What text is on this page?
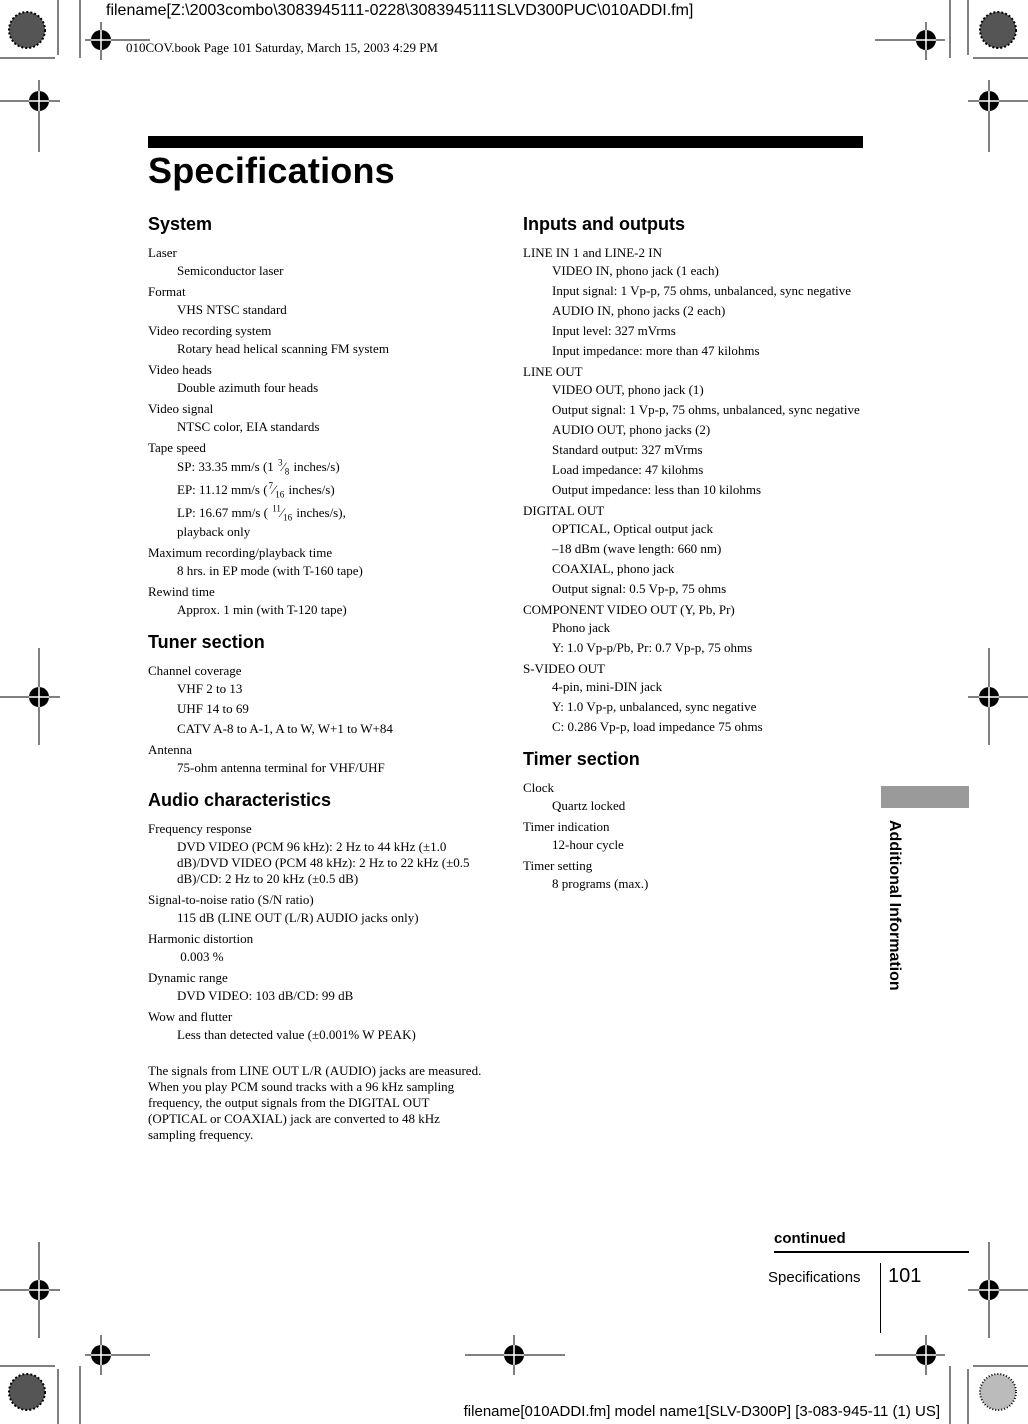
filename[Z:\2003combo\3083945111-0228\3083945111SLVD300PUC\010ADDI.fm]
010COV.book Page 101 Saturday, March 15, 2003 4:29 PM
Specifications
System
Laser
Semiconductor laser
Format
VHS NTSC standard
Video recording system
Rotary head helical scanning FM system
Video heads
Double azimuth four heads
Video signal
NTSC color, EIA standards
Tape speed
SP: 33.35 mm/s (1 $^3⁄_8$ inches/s)
EP: 11.12 mm/s ($^7⁄_{16}$ inches/s)
LP: 16.67 mm/s ( $^{11}⁄_{16}$ inches/s),
playback only
Maximum recording/playback time
8 hrs. in EP mode (with T-160 tape)
Rewind time
Approx. 1 min (with T-120 tape)
Tuner section
Channel coverage
VHF 2 to 13
UHF 14 to 69
CATV A-8 to A-1, A to W, W+1 to W+84
Antenna
75-ohm antenna terminal for VHF/UHF
Audio characteristics
Frequency response
DVD VIDEO (PCM 96 kHz): 2 Hz to 44 kHz (±1.0 dB)/DVD VIDEO (PCM 48 kHz): 2 Hz to 22 kHz (±0.5 dB)/CD: 2 Hz to 20 kHz (±0.5 dB)
Signal-to-noise ratio (S/N ratio)
115 dB (LINE OUT (L/R) AUDIO jacks only)
Harmonic distortion
0.003 %
Dynamic range
DVD VIDEO: 103 dB/CD: 99 dB
Wow and flutter
Less than detected value (±0.001% W PEAK)
The signals from LINE OUT L/R (AUDIO) jacks are measured. When you play PCM sound tracks with a 96 kHz sampling frequency, the output signals from the DIGITAL OUT (OPTICAL or COAXIAL) jack are converted to 48 kHz sampling frequency.
Inputs and outputs
LINE IN 1 and LINE-2 IN
VIDEO IN, phono jack (1 each)
Input signal: 1 Vp-p, 75 ohms, unbalanced, sync negative
AUDIO IN, phono jacks (2 each)
Input level: 327 mVrms
Input impedance: more than 47 kilohms
LINE OUT
VIDEO OUT, phono jack (1)
Output signal: 1 Vp-p, 75 ohms, unbalanced, sync negative
AUDIO OUT, phono jacks (2)
Standard output: 327 mVrms
Load impedance: 47 kilohms
Output impedance: less than 10 kilohms
DIGITAL OUT
OPTICAL, Optical output jack
–18 dBm (wave length: 660 nm)
COAXIAL, phono jack
Output signal: 0.5 Vp-p, 75 ohms
COMPONENT VIDEO OUT (Y, Pb, Pr)
Phono jack
Y: 1.0 Vp-p/Pb, Pr: 0.7 Vp-p, 75 ohms
S-VIDEO OUT
4-pin, mini-DIN jack
Y: 1.0 Vp-p, unbalanced, sync negative
C: 0.286 Vp-p, load impedance 75 ohms
Timer section
Clock
Quartz locked
Timer indication
12-hour cycle
Timer setting
8 programs (max.)	Additional Information
continued
Specifications 101
filename[010ADDI.fm] model name1[SLV-D300P] [3-083-945-11 (1) US]
